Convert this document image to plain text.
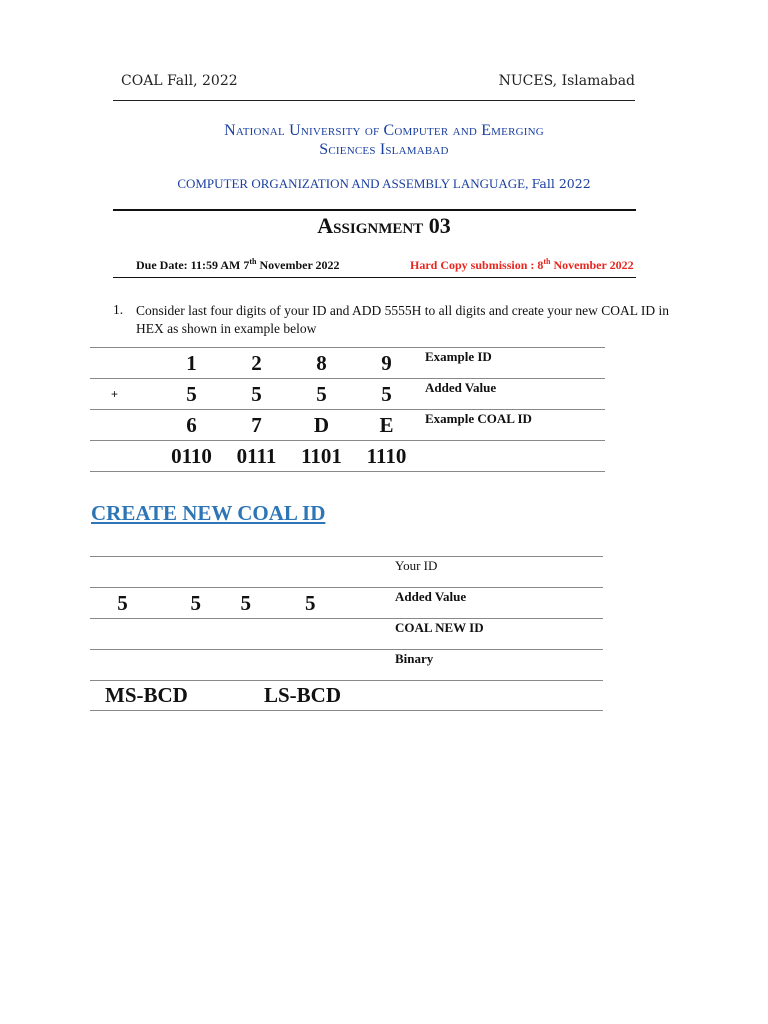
COAL Fall, 2022	NUCES, Islamabad
National University of Computer and Emerging
Sciences Islamabad
COMPUTER ORGANIZATION AND ASSEMBLY LANGUAGE, Fall 2022
Assignment 03
Due Date: 11:59 AM 7th November 2022	Hard Copy submission : 8th November 2022
1. Consider last four digits of your ID and ADD 5555H to all digits and create your new COAL ID in HEX as shown in example below
	1	2	8	9	Example ID
+	5	5	5	5	Added Value
	6	7	D	E	Example COAL ID
	0110	0111	1101	1110	
CREATE NEW COAL ID
				Your ID
5	5	5	5	Added Value
				COAL NEW ID
				Binary
MS-BCD			LS-BCD	
